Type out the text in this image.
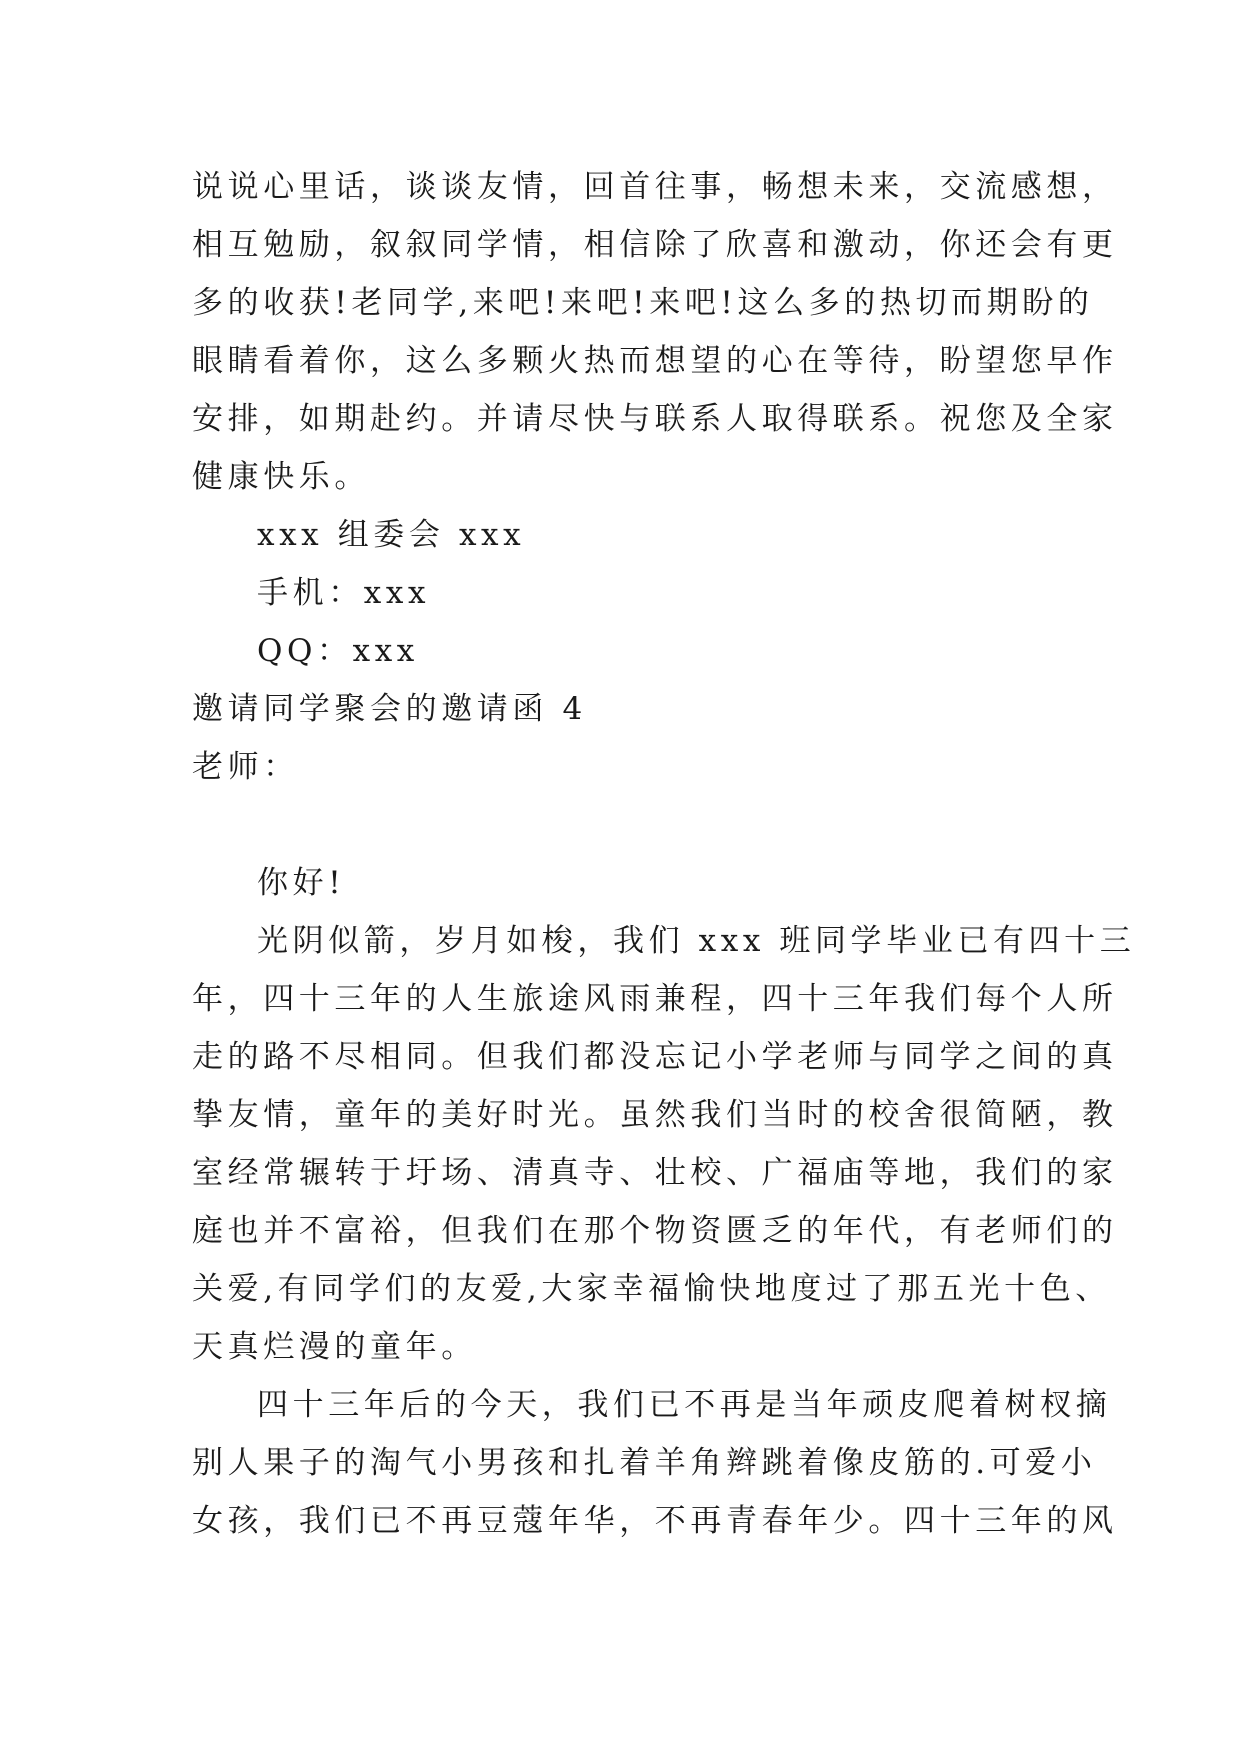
说说心里话，谈谈友情，回首往事，畅想未来，交流感想，
相互勉励，叙叙同学情，相信除了欣喜和激动，你还会有更
多的收获!老同学,来吧!来吧!来吧!这么多的热切而期盼的
眼睛看着你，这么多颗火热而想望的心在等待，盼望您早作
安排，如期赴约。并请尽快与联系人取得联系。祝您及全家
健康快乐。
xxx 组委会 xxx
手机：xxx
QQ：xxx
邀请同学聚会的邀请函 4
老师：
你好!
光阴似箭，岁月如梭，我们 xxx 班同学毕业已有四十三
年，四十三年的人生旅途风雨兼程，四十三年我们每个人所
走的路不尽相同。但我们都没忘记小学老师与同学之间的真
挚友情，童年的美好时光。虽然我们当时的校舍很简陋，教
室经常辗转于圩场、清真寺、壮校、广福庙等地，我们的家
庭也并不富裕，但我们在那个物资匮乏的年代，有老师们的
关爱,有同学们的友爱,大家幸福愉快地度过了那五光十色、
天真烂漫的童年。
四十三年后的今天，我们已不再是当年顽皮爬着树杈摘
别人果子的淘气小男孩和扎着羊角辫跳着像皮筋的.可爱小
女孩，我们已不再豆蔻年华，不再青春年少。四十三年的风
